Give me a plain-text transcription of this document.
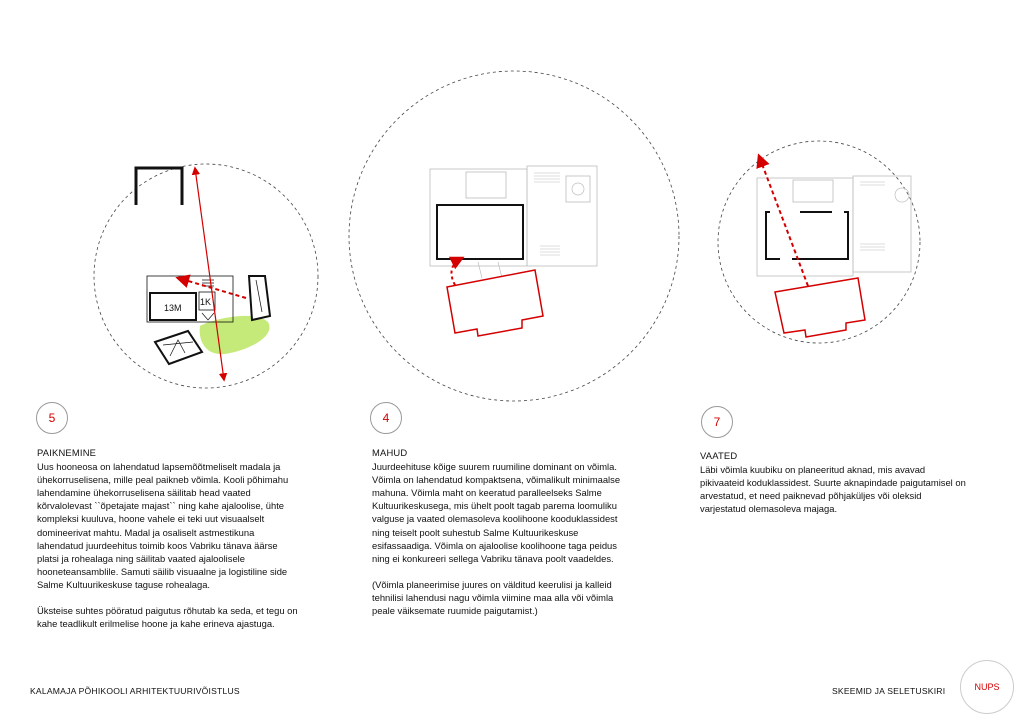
13M
1K
5	4	7
PAIKNEMINE

Uus hooneosa on lahendatud lapsemõõtmeliselt madala ja ühekorruselisena, mille peal paikneb võimla. Kooli põhimahu lahendamine ühekorruselisena säilitab head vaated kõrvalolevast ``õpetajate majast`` ning kahe ajaloolise, ühte kompleksi kuuluva, hoone vahele ei teki uut visuaalselt domineerivat mahtu. Madal ja osaliselt astmestikuna lahendatud juurdeehitus toimib koos Vabriku tänava äärse platsi ja rohealaga ning säilitab vaated ajaloolisele hooneteansamblile. Samuti säilib visuaalne ja logistiline side Salme Kultuurikeskuse taguse rohealaga.

Üksteise suhtes pööratud paigutus rõhutab ka seda, et tegu on kahe teadlikult erilmelise hoone ja kahe erineva ajastuga.

MAHUD

Juurdeehituse kõige suurem ruumiline dominant on võimla. Võimla on lahendatud kompaktsena, võimalikult minimaalse mahuna. Võimla maht on keeratud paralleelseks Salme Kultuurikeskusega, mis ühelt poolt tagab parema loomuliku valguse ja vaated olemasoleva koolihoone kooduklassidest ning teiselt poolt suhestub Salme Kultuurikeskuse esifassaadiga. Võimla on ajaloolise koolihoone taga peidus ning ei konkureeri sellega Vabriku tänava poolt vaadeldes.

(Võimla planeerimise juures on välditud keerulisi ja kalleid tehnilisi lahendusi nagu võimla viimine maa alla või võimla peale väiksemate ruumide paigutamist.)

VAATED

Läbi võimla kuubiku on planeeritud aknad, mis avavad pikivaateid koduklassidest. Suurte aknapindade paigutamisel on arvestatud, et need paiknevad põhjaküljes või oleksid varjestatud olemasoleva majaga.

KALAMAJA PÕHIKOOLI ARHITEKTUURIVÕISTLUS	SKEEMID JA SELETUSKIRI	NUPS
